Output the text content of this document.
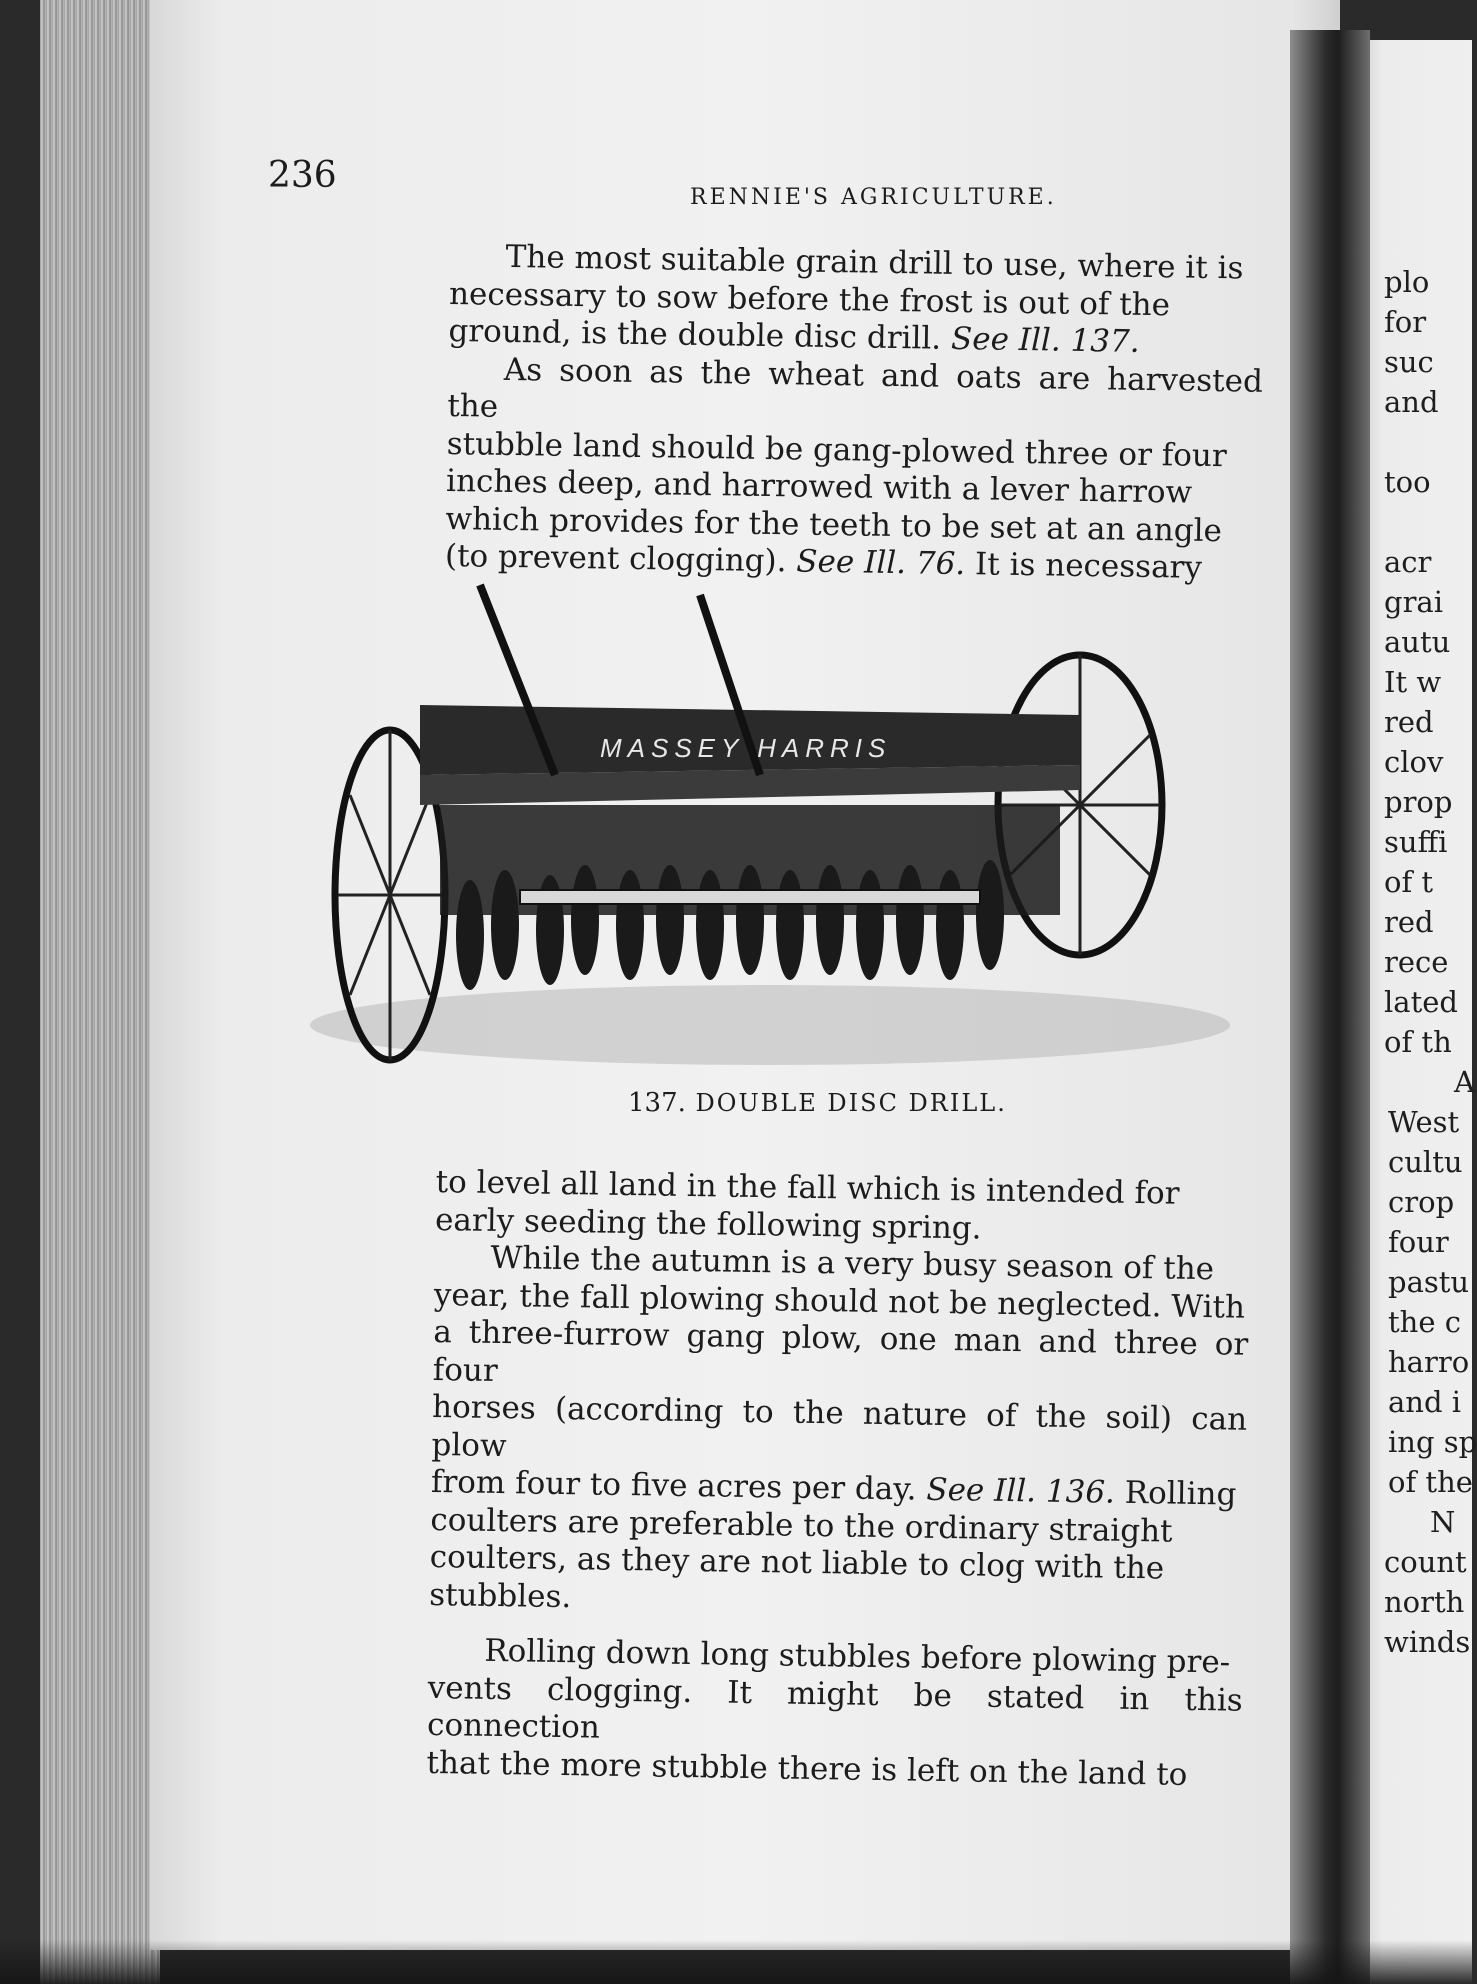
236
RENNIE'S AGRICULTURE.

The most suitable grain drill to use, where it is

necessary to sow before the frost is out of the

ground, is the double disc drill. See Ill. 137.

As soon as the wheat and oats are harvested the

stubble land should be gang-plowed three or four

inches deep, and harrowed with a lever harrow

which provides for the teeth to be set at an angle

(to prevent clogging). See Ill. 76. It is necessary

MASSEY HARRIS
137. DOUBLE DISC DRILL.

to level all land in the fall which is intended for

early seeding the following spring.

While the autumn is a very busy season of the

year, the fall plowing should not be neglected. With

a three-furrow gang plow, one man and three or four

horses (according to the nature of the soil) can plow

from four to five acres per day. See Ill. 136. Rolling

coulters are preferable to the ordinary straight

coulters, as they are not liable to clog with the

stubbles.

Rolling down long stubbles before plowing pre-

vents clogging. It might be stated in this connection

that the more stubble there is left on the land to

plo
for
suc
and
too
acr
grai
autu
It w
red
clov
prop
suffi
of t
red
rece
lated
of th
A
West
cultu
crop
four
pastu
the c
harro
and i
ing sp
of the
N
count
north
winds
